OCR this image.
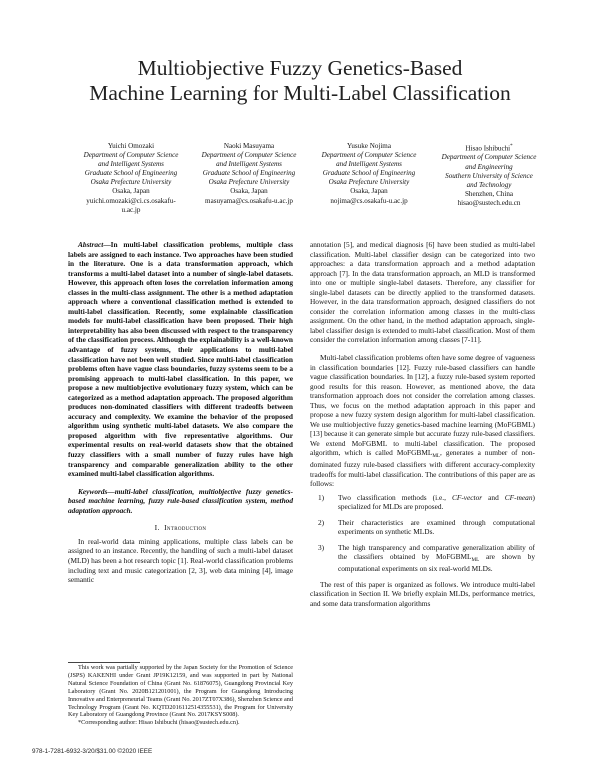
Multiobjective Fuzzy Genetics-Based
Machine Learning for Multi-Label Classification
Yuichi Omozaki
Department of Computer Science
and Intelligent Systems
Graduate School of Engineering
Osaka Prefecture University
Osaka, Japan
yuichi.omozaki@ci.cs.osakafu-
u.ac.jp
Naoki Masuyama
Department of Computer Science
and Intelligent Systems
Graduate School of Engineering
Osaka Prefecture University
Osaka, Japan
masuyama@cs.osakafu-u.ac.jp
Yusuke Nojima
Department of Computer Science
and Intelligent Systems
Graduate School of Engineering
Osaka Prefecture University
Osaka, Japan
nojima@cs.osakafu-u.ac.jp
Hisao Ishibuchi*
Department of Computer Science
and Engineering
Southern University of Science
and Technology
Shenzhen, China
hisao@sustech.edu.cn

Abstract—In multi-label classification problems, multiple class labels are assigned to each instance. Two approaches have been studied in the literature. One is a data transformation approach, which transforms a multi-label dataset into a number of single-label datasets. However, this approach often loses the correlation information among classes in the multi-class assignment. The other is a method adaptation approach where a conventional classification method is extended to multi-label classification. Recently, some explainable classification models for multi-label classification have been proposed. Their high interpretability has also been discussed with respect to the transparency of the classification process. Although the explainability is a well-known advantage of fuzzy systems, their applications to multi-label classification have not been well studied. Since multi-label classification problems often have vague class boundaries, fuzzy systems seem to be a promising approach to multi-label classification. In this paper, we propose a new multiobjective evolutionary fuzzy system, which can be categorized as a method adaptation approach. The proposed algorithm produces non-dominated classifiers with different tradeoffs between accuracy and complexity. We examine the behavior of the proposed algorithm using synthetic multi-label datasets. We also compare the proposed algorithm with five representative algorithms. Our experimental results on real-world datasets show that the obtained fuzzy classifiers with a small number of fuzzy rules have high transparency and comparable generalization ability to the other examined multi-label classification algorithms.

Keywords—multi-label classification, multiobjective fuzzy genetics-based machine learning, fuzzy rule-based classification system, method adaptation approach.

I. Introduction

In real-world data mining applications, multiple class labels can be assigned to an instance. Recently, the handling of such a multi-label dataset (MLD) has been a hot research topic [1]. Real-world classification problems including text and music categorization [2, 3], web data mining [4], image semantic

This work was partially supported by the Japan Society for the Promotion of Science (JSPS) KAKENHI under Grant JP19K12159, and was supported in part by National Natural Science Foundation of China (Grant No. 61876075), Guangdong Provincial Key Laboratory (Grant No. 2020B121201001), the Program for Guangdong Introducing Innovative and Enterpreneurial Teams (Grant No. 2017ZT07X386), Shenzhen Science and Technology Program (Grant No. KQTD2016112514355531), the Program for University Key Laboratory of Guangdong Province (Grant No. 2017KSYS008).

*Corresponding author: Hisao Ishibuchi (hisao@sustech.edu.cn).

annotation [5], and medical diagnosis [6] have been studied as multi-label classification. Multi-label classifier design can be categorized into two approaches: a data transformation approach and a method adaptation approach [7]. In the data transformation approach, an MLD is transformed into one or multiple single-label datasets. Therefore, any classifier for single-label datasets can be directly applied to the transformed datasets. However, in the data transformation approach, designed classifiers do not consider the correlation information among classes in the multi-class assignment. On the other hand, in the method adaptation approach, single-label classifier design is extended to multi-label classification. Most of them consider the correlation information among classes [7-11].

Multi-label classification problems often have some degree of vagueness in classification boundaries [12]. Fuzzy rule-based classifiers can handle vague classification boundaries. In [12], a fuzzy rule-based system reported good results for this reason. However, as mentioned above, the data transformation approach does not consider the correlation among classes. Thus, we focus on the method adaptation approach in this paper and propose a new fuzzy system design algorithm for multi-label classification. We use multiobjective fuzzy genetics-based machine learning (MoFGBML) [13] because it can generate simple but accurate fuzzy rule-based classifiers. We extend MoFGBML to multi-label classification. The proposed algorithm, which is called MoFGBML$_{ML}$, generates a number of non-dominated fuzzy rule-based classifiers with different accuracy-complexity tradeoffs for multi-label classification. The contributions of this paper are as follows:

1) Two classification methods (i.e., CF-vector and CF-mean) specialized for MLDs are proposed.
2) Their characteristics are examined through computational experiments on synthetic MLDs.
3) The high transparency and comparative generalization ability of the classifiers obtained by MoFGBML$_{ML}$ are shown by computational experiments on six real-world MLDs.

The rest of this paper is organized as follows. We introduce multi-label classification in Section II. We briefly explain MLDs, performance metrics, and some data transformation algorithms

978-1-7281-6932-3/20/$31.00 ©2020 IEEE
